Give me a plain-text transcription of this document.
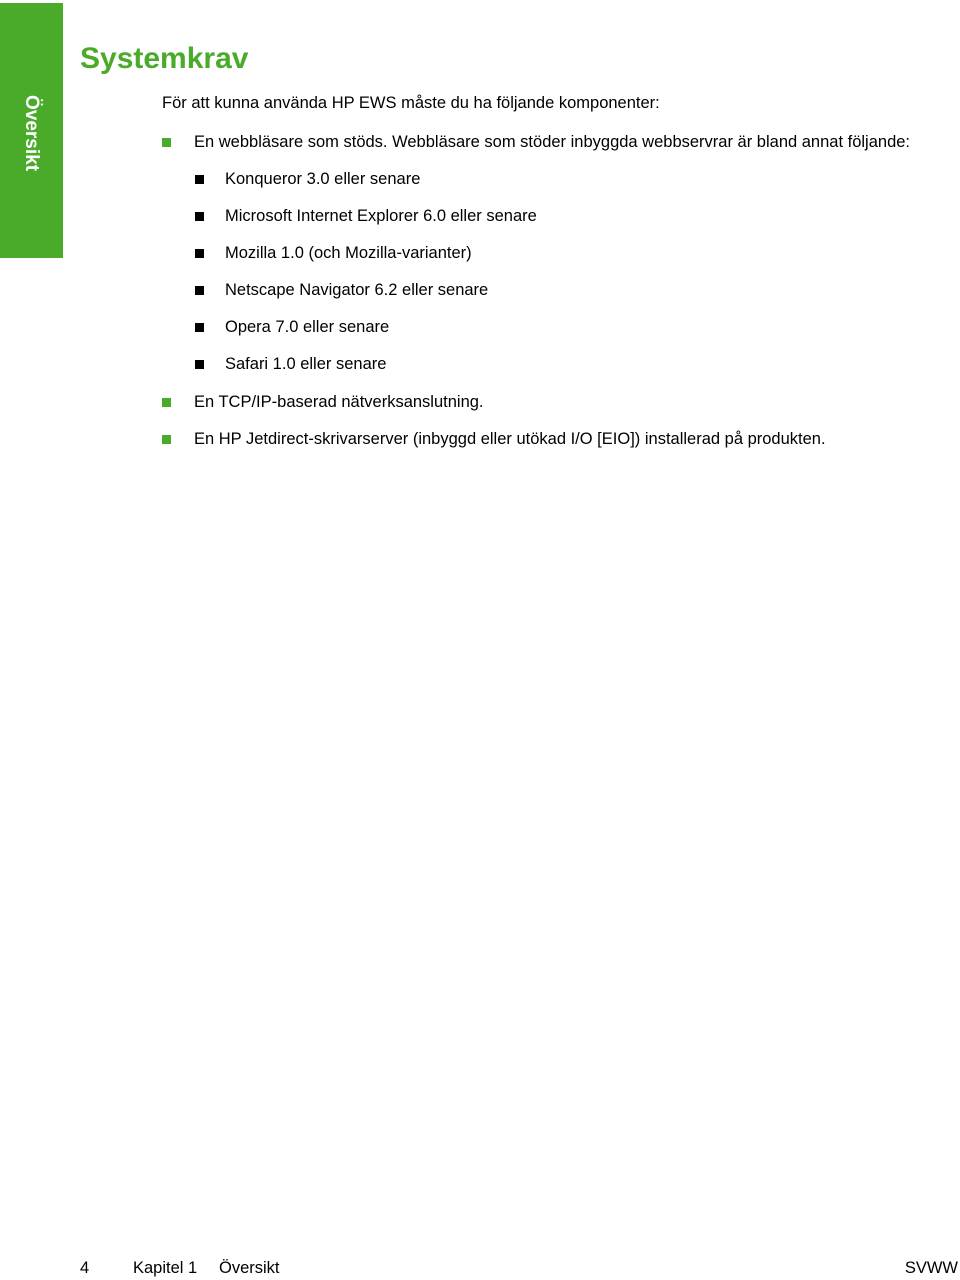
Översikt
Systemkrav

För att kunna använda HP EWS måste du ha följande komponenter:

En webbläsare som stöds. Webbläsare som stöder inbyggda webbservrar är bland annat följande:
Konqueror 3.0 eller senare
Microsoft Internet Explorer 6.0 eller senare
Mozilla 1.0 (och Mozilla-varianter)
Netscape Navigator 6.2 eller senare
Opera 7.0 eller senare
Safari 1.0 eller senare
En TCP/IP-baserad nätverksanslutning.
En HP Jetdirect-skrivarserver (inbyggd eller utökad I/O [EIO]) installerad på produkten.
4	Kapitel 1 Översikt	SVWW
